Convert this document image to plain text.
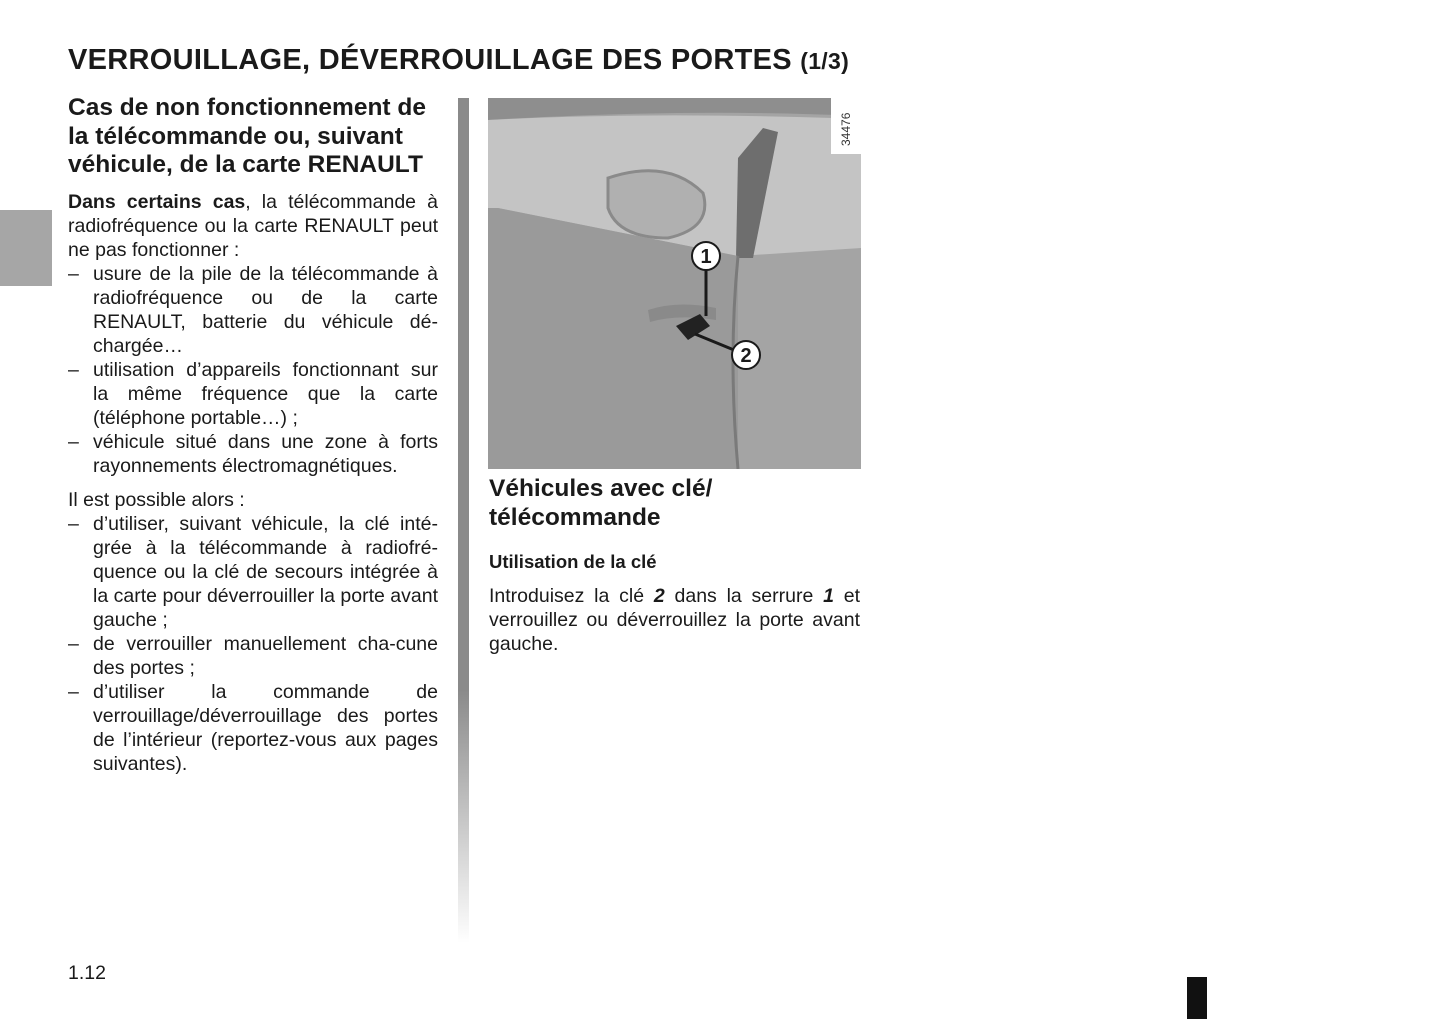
VERROUILLAGE, DÉVERROUILLAGE DES PORTES (1/3)
Cas de non fonctionnement de la télécommande ou, suivant véhicule, de la carte RENAULT

Dans certains cas, la télécommande à radiofréquence ou la carte RENAULT peut ne pas fonctionner :

– usure de la pile de la télécommande à radiofréquence ou de la carte RENAULT, batterie du véhicule dé-chargée…
– utilisation d’appareils fonctionnant sur la même fréquence que la carte (téléphone portable…) ;
– véhicule situé dans une zone à forts rayonnements électromagnétiques.

Il est possible alors :

– d’utiliser, suivant véhicule, la clé inté-grée à la télécommande à radiofré-quence ou la clé de secours intégrée à la carte pour déverrouiller la porte avant gauche ;
– de verrouiller manuellement cha-cune des portes ;
– d’utiliser la commande de verrouillage/déverrouillage des portes de l’intérieur (reportez-vous aux pages suivantes).
1
2
34476
Véhicules avec clé/ télécommande
Utilisation de la clé

Introduisez la clé 2 dans la serrure 1 et verrouillez ou déverrouillez la porte avant gauche.

1.12
